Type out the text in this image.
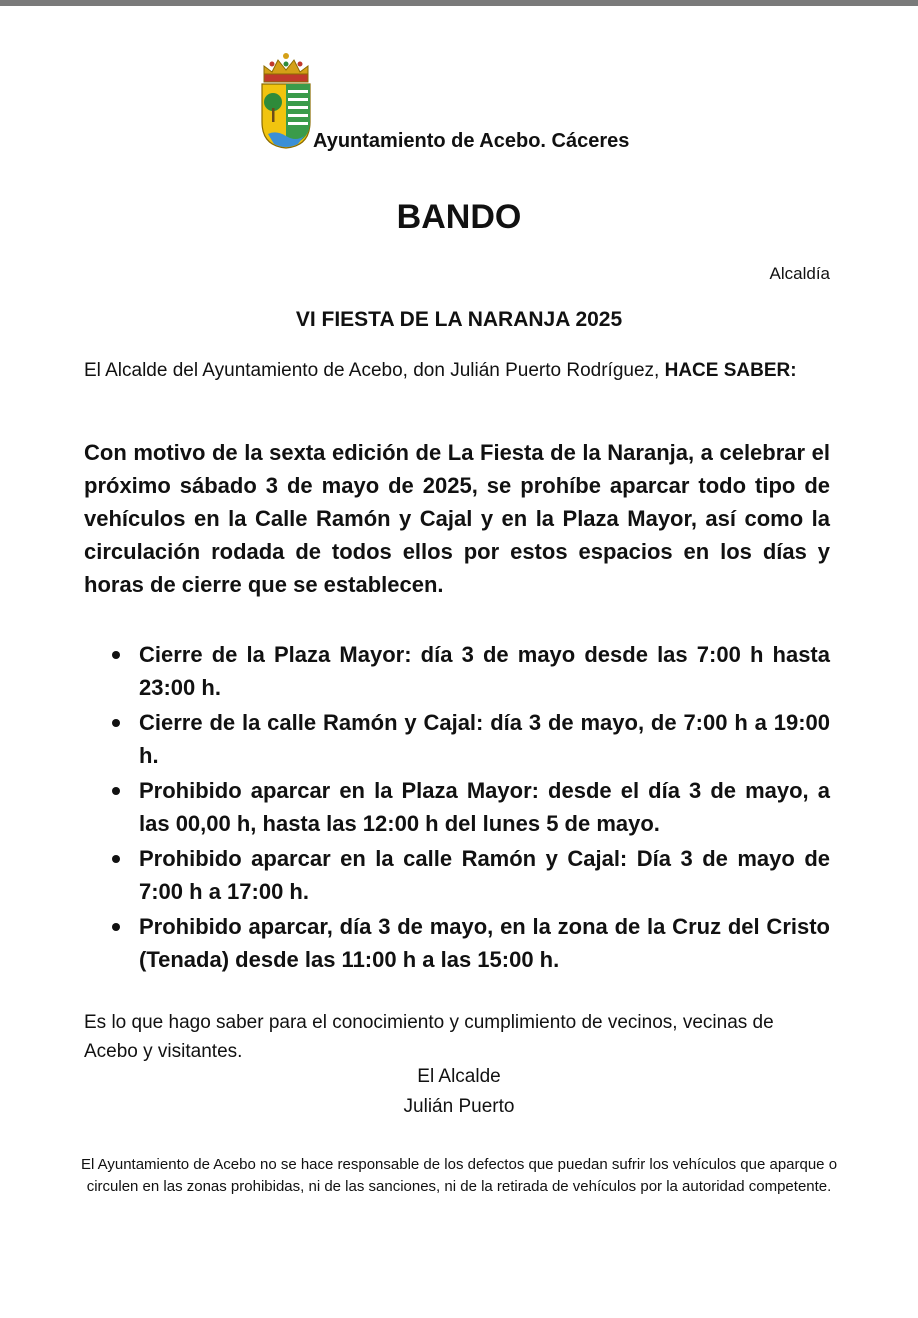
Ayuntamiento de Acebo. Cáceres
BANDO
Alcaldía
VI FIESTA DE LA NARANJA 2025
El Alcalde del Ayuntamiento de Acebo, don Julián Puerto Rodríguez, HACE SABER:
Con motivo de la sexta edición de La Fiesta de la Naranja, a celebrar el próximo sábado 3 de mayo de 2025, se prohíbe aparcar todo tipo de vehículos en la Calle Ramón y Cajal y en la Plaza Mayor, así como la circulación rodada de todos ellos por estos espacios en los días y horas de cierre que se establecen.
Cierre de la Plaza Mayor: día 3 de mayo desde las 7:00 h hasta 23:00 h.
Cierre de la calle Ramón y Cajal: día 3 de mayo, de 7:00 h a 19:00 h.
Prohibido aparcar en la Plaza Mayor: desde el día 3 de mayo, a las 00,00 h, hasta las 12:00 h del lunes 5 de mayo.
Prohibido aparcar en la calle Ramón y Cajal: Día 3 de mayo de 7:00 h a 17:00 h.
Prohibido aparcar, día 3 de mayo, en la zona de la Cruz del Cristo (Tenada) desde las 11:00 h a las 15:00 h.
Es lo que hago saber para el conocimiento y cumplimiento de vecinos, vecinas de Acebo y visitantes.
El Alcalde
Julián Puerto
El Ayuntamiento de Acebo no se hace responsable de los defectos que puedan sufrir los vehículos que aparque o circulen en las zonas prohibidas, ni de las sanciones, ni de la retirada de vehículos por la autoridad competente.
